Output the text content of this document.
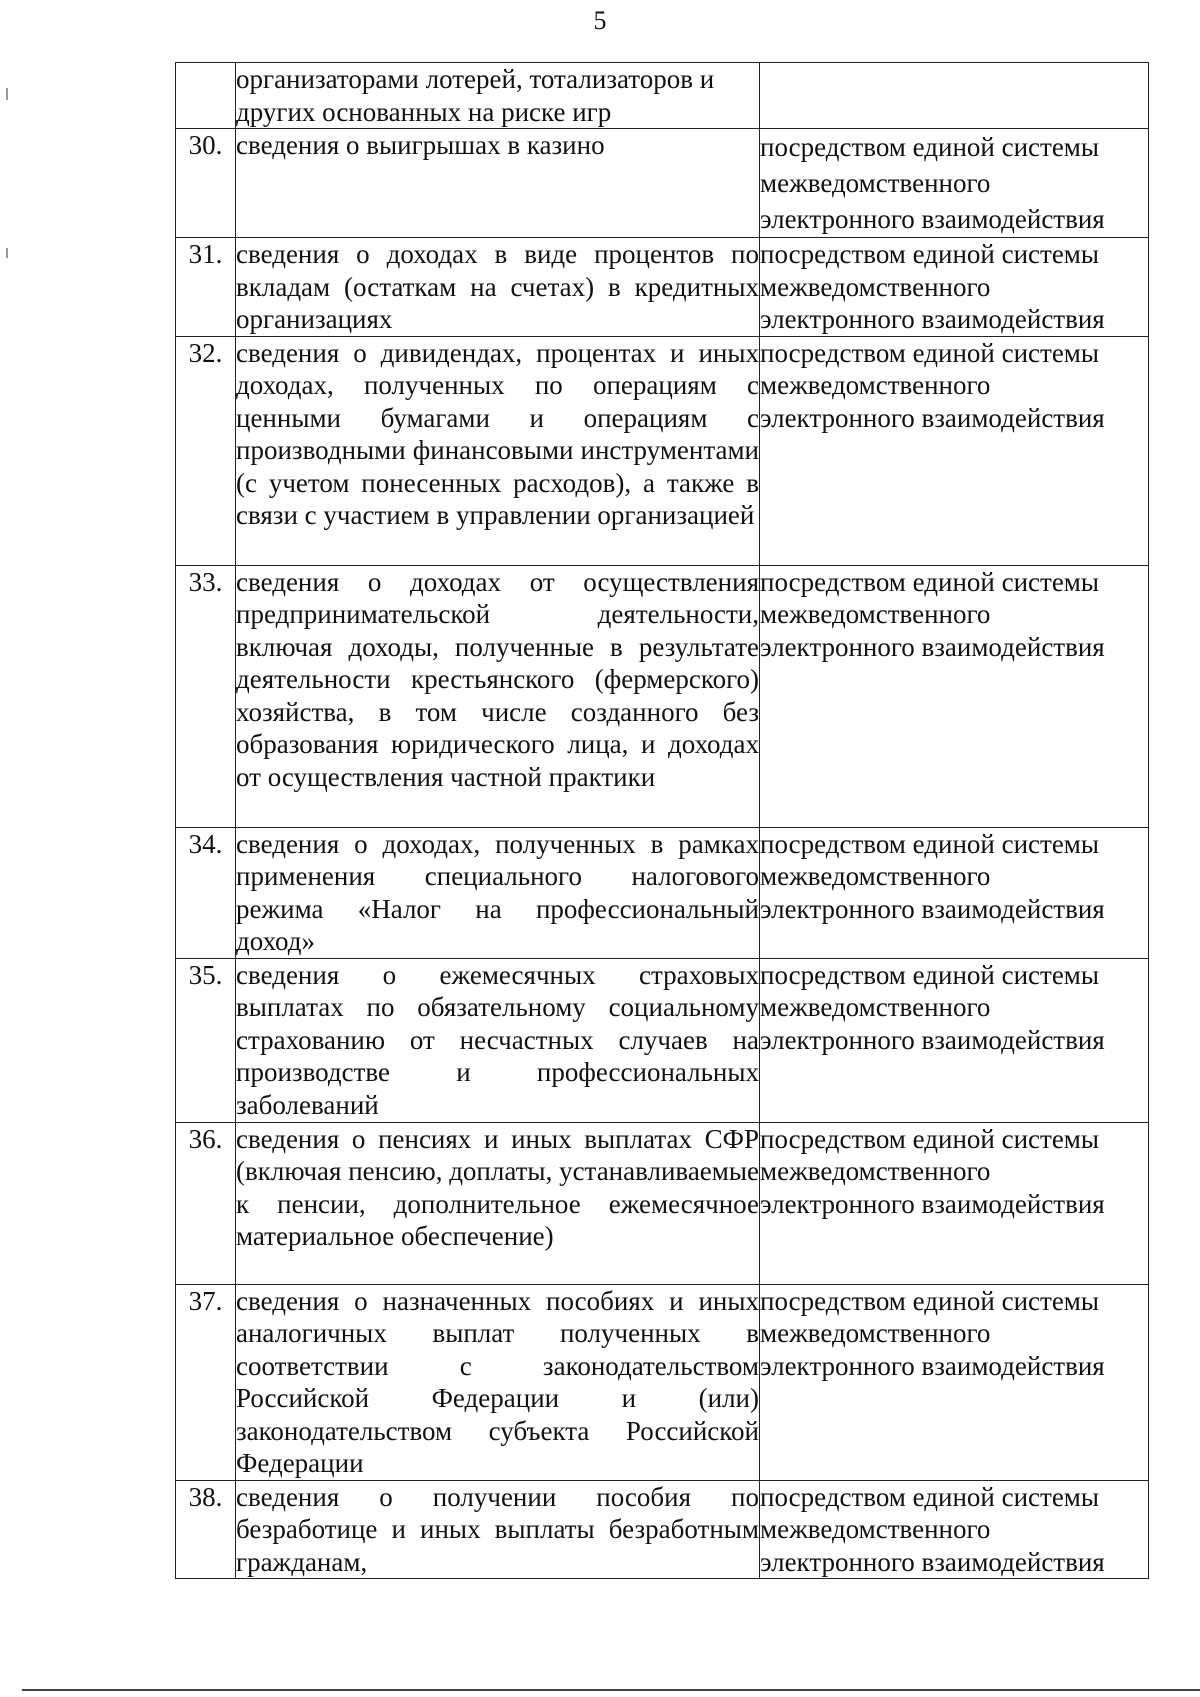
5
	организаторами лотерей, тотализаторов и других основанных на риске игр	
30.	сведения о выигрышах в казино	посредством единой системы межведомственного электронного взаимодействия
31.	сведения о доходах в виде процентов по вкладам (остаткам на счетах) в кредитных организациях	посредством единой системы межведомственного электронного взаимодействия
32.	сведения о дивидендах, процентах и иных доходах, полученных по операциям с ценными бумагами и операциям с производными финансовыми инструментами (с учетом понесенных расходов), а также в связи с участием в управлении организацией	посредством единой системы межведомственного электронного взаимодействия
33.	сведения о доходах от осуществления предпринимательской деятельности, включая доходы, полученные в результате деятельности крестьянского (фермерского) хозяйства, в том числе созданного без образования юридического лица, и доходах от осуществления частной практики	посредством единой системы межведомственного электронного взаимодействия
34.	сведения о доходах, полученных в рамках применения специального налогового режима «Налог на профессиональный доход»	посредством единой системы межведомственного электронного взаимодействия
35.	сведения о ежемесячных страховых выплатах по обязательному социальному страхованию от несчастных случаев на производстве и профессиональных заболеваний	посредством единой системы межведомственного электронного взаимодействия
36.	сведения о пенсиях и иных выплатах СФР (включая пенсию, доплаты, устанавливаемые к пенсии, дополнительное ежемесячное материальное обеспечение)	посредством единой системы межведомственного электронного взаимодействия
37.	сведения о назначенных пособиях и иных аналогичных выплат полученных в соответствии с законодательством Российской Федерации и (или) законодательством субъекта Российской Федерации	посредством единой системы межведомственного электронного взаимодействия
38.	сведения о получении пособия по безработице и иных выплаты безработным гражданам,	посредством единой системы межведомственного электронного взаимодействия
